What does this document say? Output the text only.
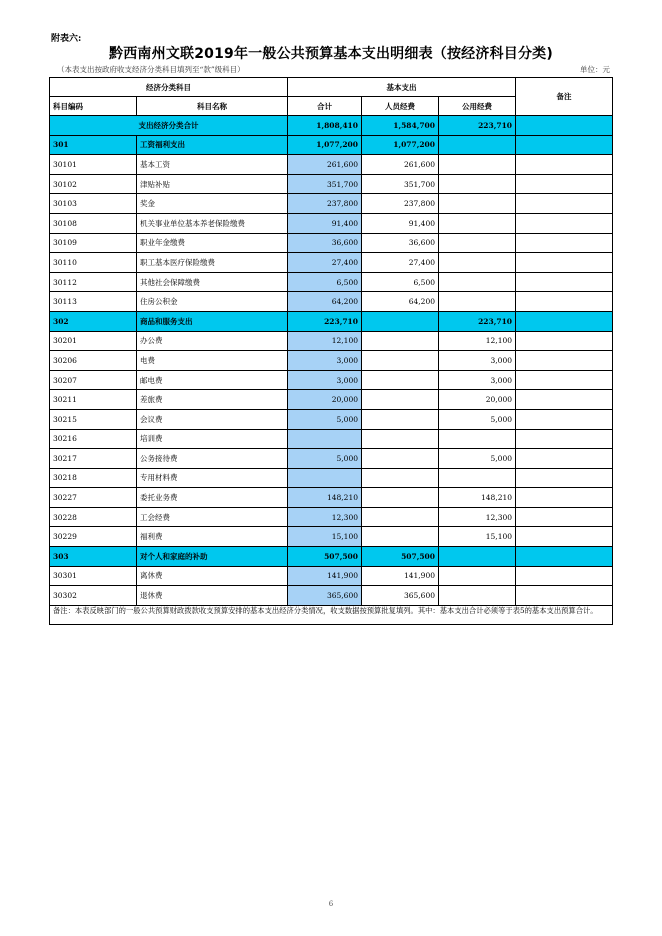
附表六:
黔西南州文联2019年一般公共预算基本支出明细表（按经济科目分类)
（本表支出按政府收支经济分类科目填列至“款”级科目）	单位：元
经济分类科目		基本支出			备注
科目编码	科目名称	合计	人员经费	公用经费	
支出经济分类合计		1,808,410	1,584,700	223,710	
301	工资福利支出	1,077,200	1,077,200		
30101	基本工资	261,600	261,600		
30102	津贴补贴	351,700	351,700		
30103	奖金	237,800	237,800		
30108	机关事业单位基本养老保险缴费	91,400	91,400		
30109	职业年金缴费	36,600	36,600		
30110	职工基本医疗保险缴费	27,400	27,400		
30112	其他社会保障缴费	6,500	6,500		
30113	住房公积金	64,200	64,200		
302	商品和服务支出	223,710		223,710	
30201	办公费	12,100		12,100	
30206	电费	3,000		3,000	
30207	邮电费	3,000		3,000	
30211	差旅费	20,000		20,000	
30215	会议费	5,000		5,000	
30216	培训费				
30217	公务接待费	5,000		5,000	
30218	专用材料费				
30227	委托业务费	148,210		148,210	
30228	工会经费	12,300		12,300	
30229	福利费	15,100		15,100	
303	对个人和家庭的补助	507,500	507,500		
30301	离休费	141,900	141,900		
30302	退休费	365,600	365,600		
备注：本表反映部门的一般公共预算财政拨款收支预算安排的基本支出经济分类情况，收支数据按预算批复填列。其中：基本支出合计必须等于表5的基本支出预算合计。					
6
